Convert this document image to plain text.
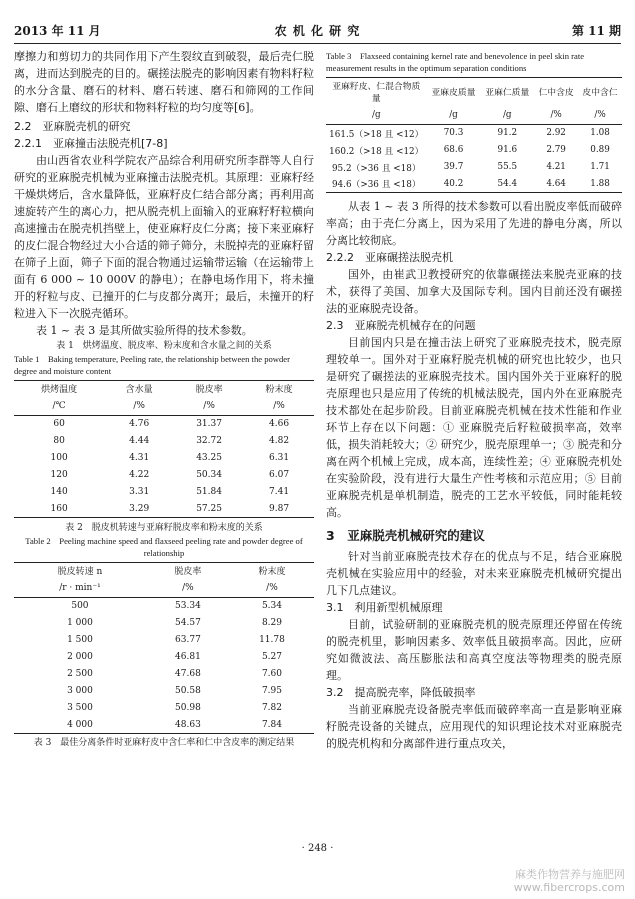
2013 年 11 月	农 机 化 研 究	第 11 期

摩擦力和剪切力的共同作用下产生裂纹直到破裂，最后壳仁脱离，进而达到脱壳的目的。碾搓法脱壳的影响因素有物料籽粒的水分含量、磨石的材料、磨石转速、磨石和筛网的工作间隙、磨石上磨纹的形状和物料籽粒的均匀度等[6]。

2.2　亚麻脱壳机的研究
2.2.1　亚麻撞击法脱壳机[7-8]

由山西省农业科学院农产品综合利用研究所李群等人自行研究的亚麻脱壳机械为亚麻撞击法脱壳机。其原理：亚麻籽经干燥烘烤后，含水量降低，亚麻籽皮仁结合部分离；再利用高速旋转产生的离心力，把从脱壳机上面输入的亚麻籽籽粒横向高速撞击在脱壳机挡壁上，使亚麻籽皮仁分离；接下来亚麻籽的皮仁混合物经过大小合适的筛子筛分，未脱掉壳的亚麻籽留在筛子上面，筛子下面的混合物通过运输带运输（在运输带上面有 6 000 ~ 10 000V 的静电）；在静电场作用下，将未撞开的籽粒与皮、已撞开的仁与皮都分离开；最后，未撞开的籽粒进入下一次脱壳循环。

表 1 ~ 表 3 是其所做实验所得的技术参数。

表 1　烘烤温度、脱皮率、粉末度和含水量之间的关系
Table 1　Baking temperature, Peeling rate, the relationship between the powder degree and moisture content
烘烤温度	含水量	脱皮率	粉末度
/℃	/%	/%	/%
60	4.76	31.37	4.66
80	4.44	32.72	4.82
100	4.31	43.25	6.31
120	4.22	50.34	6.07
140	3.31	51.84	7.41
160	3.29	57.25	9.87
表 2　脱皮机转速与亚麻籽脱皮率和粉末度的关系
Table 2　Peeling machine speed and flaxseed peeling rate and powder degree of relationship
脱皮转速 n	脱皮率	粉末度
/r · min⁻¹	/%	/%
500	53.34	5.34
1 000	54.57	8.29
1 500	63.77	11.78
2 000	46.81	5.27
2 500	47.68	7.60
3 000	50.58	7.95
3 500	50.98	7.82
4 000	48.63	7.84
表 3　最佳分离条件时亚麻籽皮中含仁率和仁中含皮率的测定结果
Table 3　Flaxseed containing kernel rate and benevolence in peel skin rate measurement results in the optimum separation conditions
亚麻籽皮、仁混合物质量	亚麻皮质量	亚麻仁质量	仁中含皮	皮中含仁
/g	/g	/g	/%	/%
161.5（>18 且 <12）	70.3	91.2	2.92	1.08
160.2（>18 且 <12）	68.6	91.6	2.79	0.89
95.2（>36 且 <18）	39.7	55.5	4.21	1.71
94.6（>36 且 <18）	40.2	54.4	4.64	1.88

从表 1 ~ 表 3 所得的技术参数可以看出脱皮率低而破碎率高；由于壳仁分离上，因为采用了先进的静电分离，所以分离比较彻底。

2.2.2　亚麻碾搓法脱壳机

国外，由崔武卫教授研究的依靠碾搓法来脱壳亚麻的技术，获得了美国、加拿大及国际专利。国内目前还没有碾搓法的亚麻脱壳设备。

2.3　亚麻脱壳机械存在的问题

目前国内只是在撞击法上研究了亚麻脱壳技术，脱壳原理较单一。国外对于亚麻籽脱壳机械的研究也比较少，也只是研究了碾搓法的亚麻脱壳技术。国内国外关于亚麻籽的脱壳原理也只是应用了传统的机械法脱壳，国内外在亚麻脱壳技术都处在起步阶段。目前亚麻脱壳机械在技术性能和作业环节上存在以下问题：① 亚麻脱壳后籽粒破损率高，效率低，损失消耗较大；② 研究少，脱壳原理单一；③ 脱壳和分离在两个机械上完成，成本高，连续性差；④ 亚麻脱壳机处在实验阶段，没有进行大量生产性考核和示范应用；⑤ 目前亚麻脱壳机是单机制造，脱壳的工艺水平较低，同时能耗较高。

3　亚麻脱壳机械研究的建议

针对当前亚麻脱壳技术存在的优点与不足，结合亚麻脱壳机械在实验应用中的经验，对未来亚麻脱壳机械研究提出几下几点建议。

3.1　利用新型机械原理

目前，试验研制的亚麻脱壳机的脱壳原理还停留在传统的脱壳机里，影响因素多、效率低且破损率高。因此，应研究如微波法、高压膨胀法和高真空度法等物理类的脱壳原理。

3.2　提高脱壳率，降低破损率

当前亚麻脱壳设备脱壳率低而破碎率高一直是影响亚麻籽脱壳设备的关键点，应用现代的知识理论技术对亚麻脱壳的脱壳机构和分离部件进行重点攻关，

· 248 ·
麻类作物营养与施肥网
www.fibercrops.com
